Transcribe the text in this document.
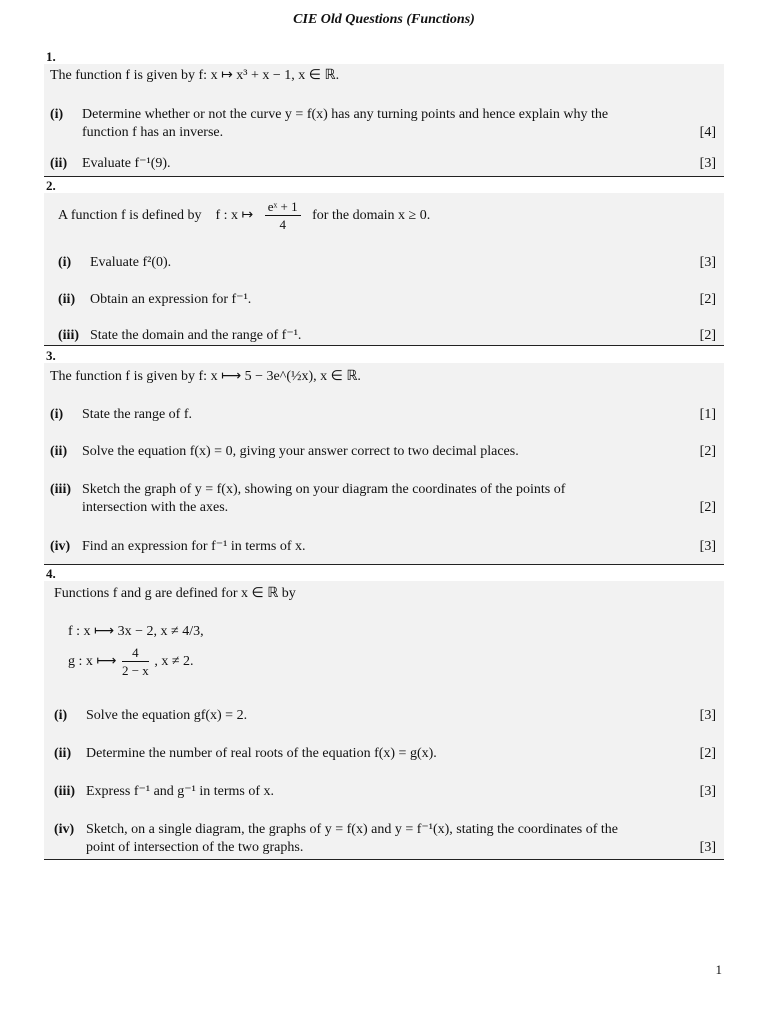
CIE Old Questions (Functions)
1.
The function f is given by f: x ↦ x³ + x − 1, x ∈ ℝ.
(i) Determine whether or not the curve y = f(x) has any turning points and hence explain why the
function f has an inverse.	[4]
(ii) Evaluate f⁻¹(9).	[3]
2.
A function f is defined by f : x ↦ $\frac{\text{eˣ + 1}}{4}$ for the domain x ≥ 0.
(i) Evaluate f²(0).	[3]
(ii) Obtain an expression for f⁻¹.	[2]
(iii) State the domain and the range of f⁻¹.	[2]
3.
The function f is given by f: x ⟼ 5 − 3e^(½x), x ∈ ℝ.
(i) State the range of f.	[1]
(ii) Solve the equation f(x) = 0, giving your answer correct to two decimal places.	[2]
(iii) Sketch the graph of y = f(x), showing on your diagram the coordinates of the points of
intersection with the axes.	[2]
(iv) Find an expression for f⁻¹ in terms of x.	[3]
4.
Functions f and g are defined for x ∈ ℝ by
f : x ⟼ 3x − 2, x ≠ 4/3,
g : x ⟼ $\frac{4}{2 - x}$ , x ≠ 2.
(i) Solve the equation gf(x) = 2.	[3]
(ii) Determine the number of real roots of the equation f(x) = g(x).	[2]
(iii) Express f⁻¹ and g⁻¹ in terms of x.	[3]
(iv) Sketch, on a single diagram, the graphs of y = f(x) and y = f⁻¹(x), stating the coordinates of the
point of intersection of the two graphs.	[3]
1
